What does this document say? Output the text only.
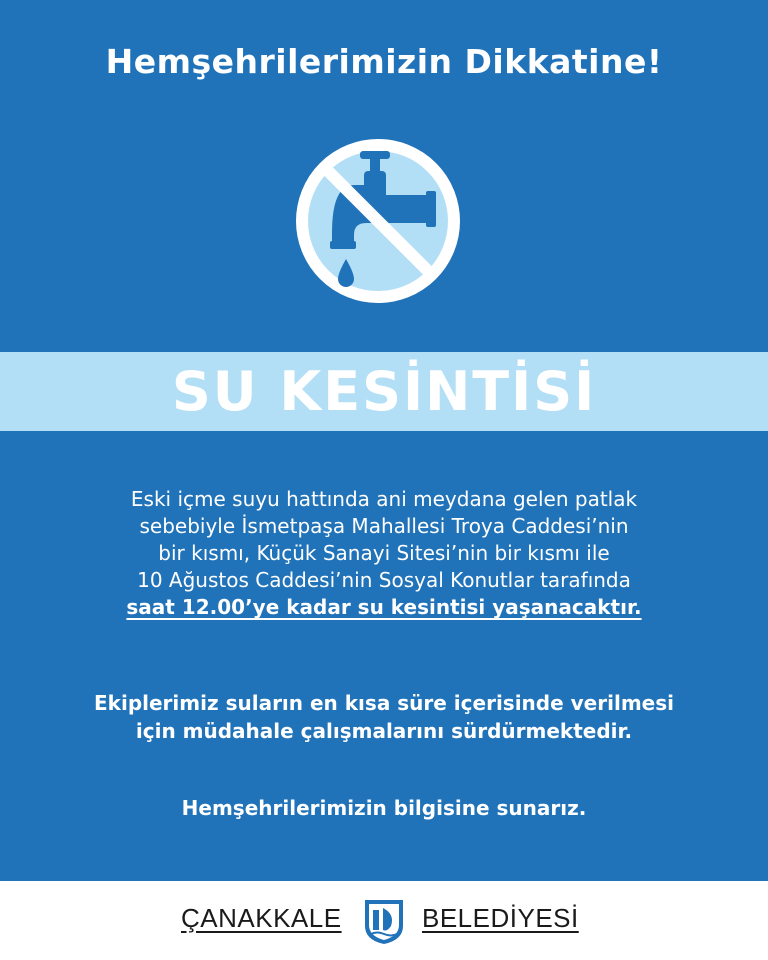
Hemşehrilerimizin Dikkatine!
SU KESİNTİSİ

Eski içme suyu hattında ani meydana gelen patlak

sebebiyle İsmetpaşa Mahallesi Troya Caddesi’nin

bir kısmı, Küçük Sanayi Sitesi’nin bir kısmı ile

10 Ağustos Caddesi’nin Sosyal Konutlar tarafında

saat 12.00’ye kadar su kesintisi yaşanacaktır.

Ekiplerimiz suların en kısa süre içerisinde verilmesi
için müdahale çalışmalarını sürdürmektedir.
Hemşehrilerimizin bilgisine sunarız.
ÇANAKKALE	BELEDİYESİ
